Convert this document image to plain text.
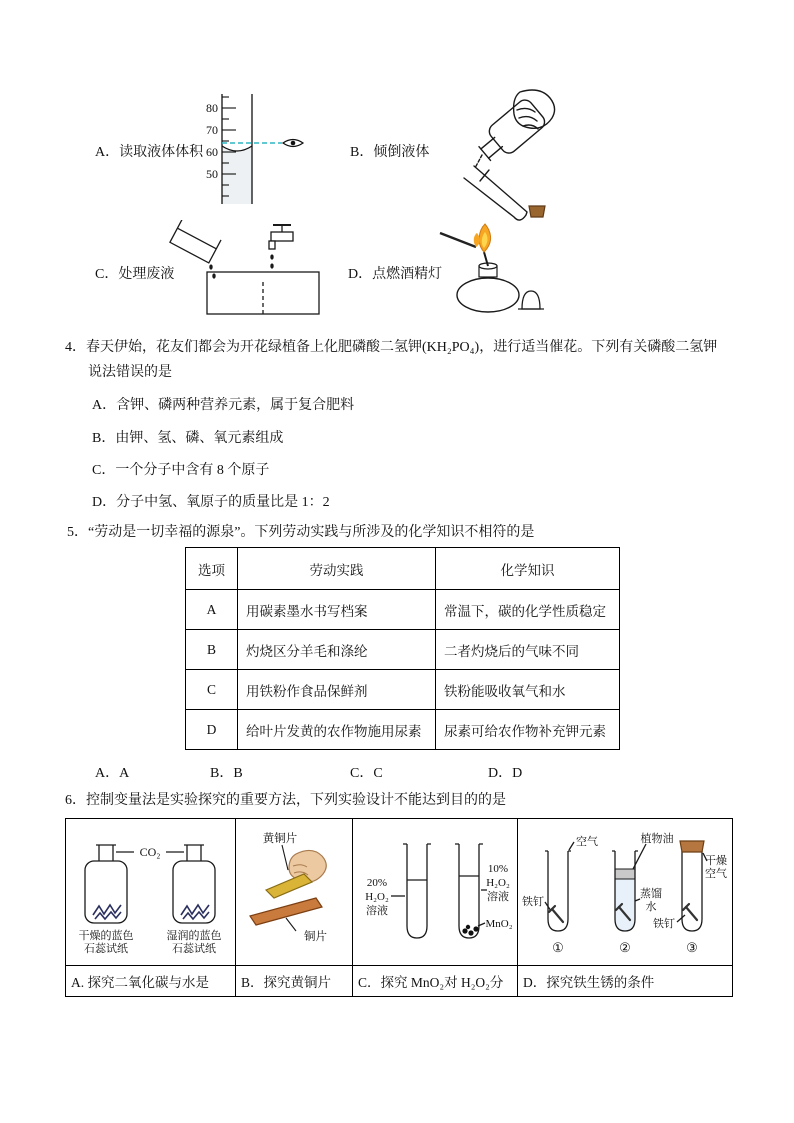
A．读取液体体积
80
70
60
50
B．倾倒液体
C．处理废液	D．点燃酒精灯
4．春天伊始，花友们都会为开花绿植备上化肥磷酸二氢钾(KH₂PO₄)，进行适当催花。下列有关磷酸二氢钾
说法错误的是
A．含钾、磷两种营养元素，属于复合肥料
B．由钾、氢、磷、氧元素组成
C．一个分子中含有 8 个原子
D．分子中氢、氧原子的质量比是 1：2
5．“劳动是一切幸福的源泉”。下列劳动实践与所涉及的化学知识不相符的是
选项	劳动实践	化学知识
A	用碳素墨水书写档案	常温下，碳的化学性质稳定
B	灼烧区分羊毛和涤纶	二者灼烧后的气味不同
C	用铁粉作食品保鲜剂	铁粉能吸收氧气和水
D	给叶片发黄的农作物施用尿素	尿素可给农作物补充钾元素
A．A	B．B	C．C	D．D
6．控制变量法是实验探究的重要方法，下列实验设计不能达到目的的是
CO₂
干燥的蓝色
石蕊试纸
湿润的蓝色
石蕊试纸

黄铜片
铜片

20%
H₂O₂
溶液
10%
H₂O₂
溶液
MnO₂

空气	植物油
蒸馏
水
干燥
空气
铁钉
铁钉
①	②	③

A. 探究二氧化碳与水是	B．探究黄铜片	C．探究 MnO₂对 H₂O₂分	D．探究铁生锈的条件
